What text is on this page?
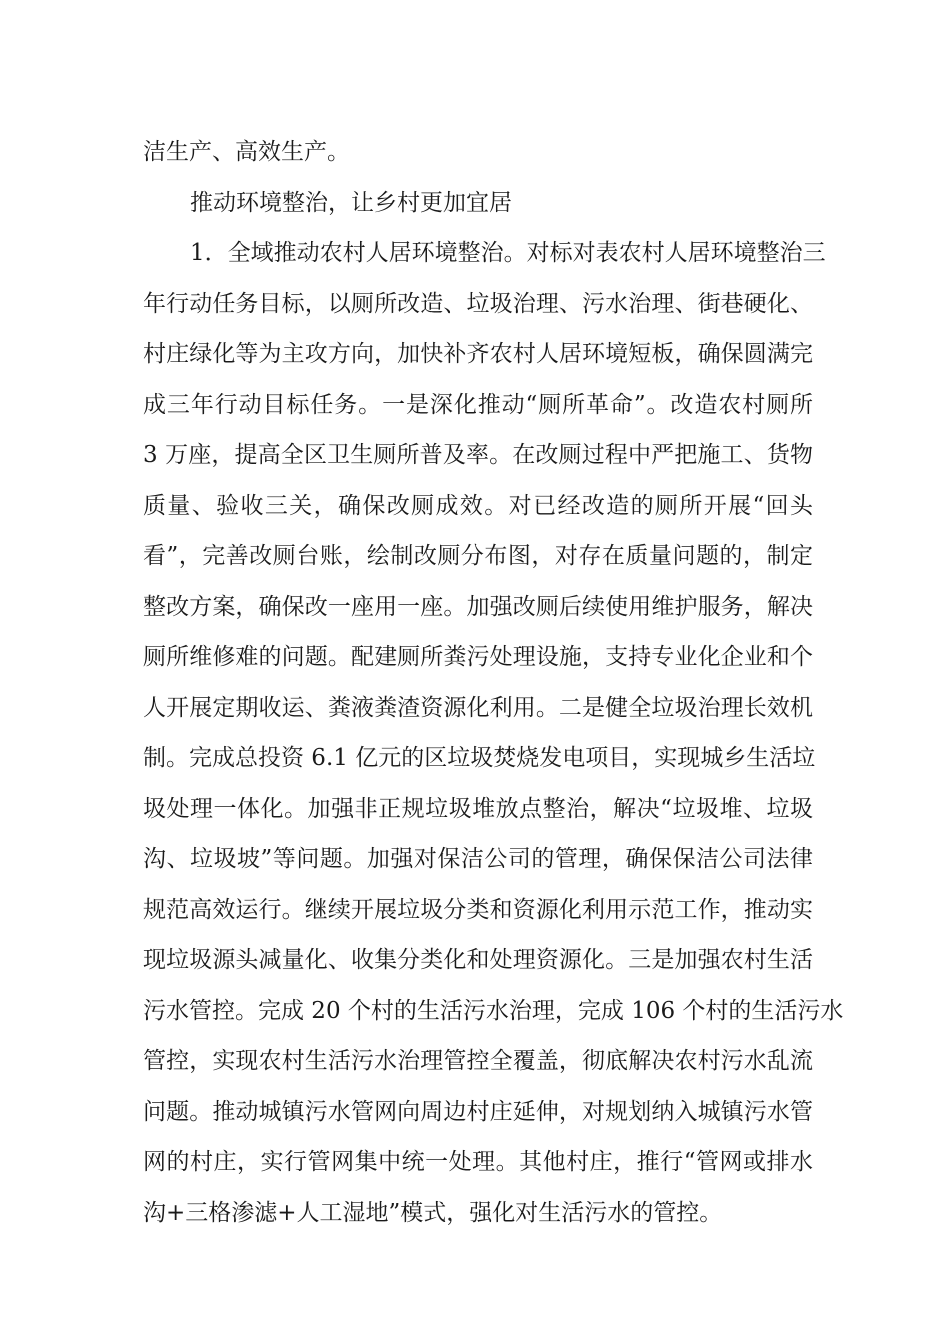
洁生产、高效生产。
推动环境整治，让乡村更加宜居
1．全域推动农村人居环境整治。对标对表农村人居环境整治三
年行动任务目标，以厕所改造、垃圾治理、污水治理、街巷硬化、
村庄绿化等为主攻方向，加快补齐农村人居环境短板，确保圆满完
成三年行动目标任务。一是深化推动“厕所革命”。改造农村厕所
3 万座，提高全区卫生厕所普及率。在改厕过程中严把施工、货物
质量、验收三关，确保改厕成效。对已经改造的厕所开展“回头
看”，完善改厕台账，绘制改厕分布图，对存在质量问题的，制定
整改方案，确保改一座用一座。加强改厕后续使用维护服务，解决
厕所维修难的问题。配建厕所粪污处理设施，支持专业化企业和个
人开展定期收运、粪液粪渣资源化利用。二是健全垃圾治理长效机
制。完成总投资 6.1 亿元的区垃圾焚烧发电项目，实现城乡生活垃
圾处理一体化。加强非正规垃圾堆放点整治，解决“垃圾堆、垃圾
沟、垃圾坡”等问题。加强对保洁公司的管理，确保保洁公司法律
规范高效运行。继续开展垃圾分类和资源化利用示范工作，推动实
现垃圾源头减量化、收集分类化和处理资源化。三是加强农村生活
污水管控。完成 20 个村的生活污水治理，完成 106 个村的生活污水
管控，实现农村生活污水治理管控全覆盖，彻底解决农村污水乱流
问题。推动城镇污水管网向周边村庄延伸，对规划纳入城镇污水管
网的村庄，实行管网集中统一处理。其他村庄，推行“管网或排水
沟+三格渗滤+人工湿地”模式，强化对生活污水的管控。
